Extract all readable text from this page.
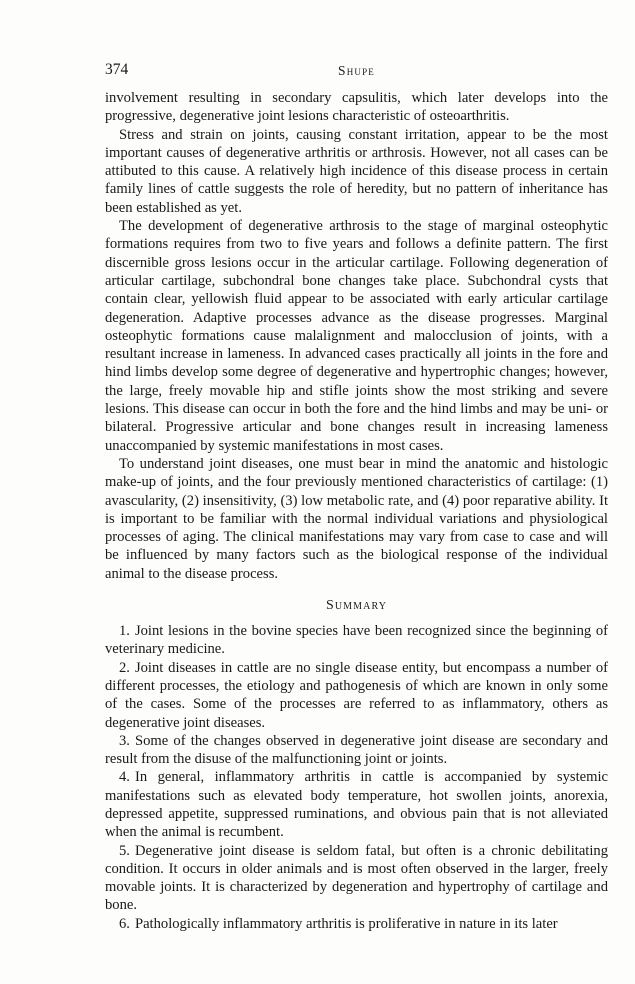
374	Shupe

involvement resulting in secondary capsulitis, which later develops into the progressive, degenerative joint lesions characteristic of osteoarthritis.

Stress and strain on joints, causing constant irritation, appear to be the most important causes of degenerative arthritis or arthrosis. However, not all cases can be attibuted to this cause. A relatively high incidence of this disease process in certain family lines of cattle suggests the role of heredity, but no pattern of inheritance has been established as yet.

The development of degenerative arthrosis to the stage of marginal osteophytic formations requires from two to five years and follows a definite pattern. The first discernible gross lesions occur in the articular cartilage. Following degeneration of articular cartilage, subchondral bone changes take place. Subchondral cysts that contain clear, yellowish fluid appear to be associated with early articular cartilage degeneration. Adaptive processes advance as the disease progresses. Marginal osteophytic formations cause malalignment and malocclusion of joints, with a resultant increase in lameness. In advanced cases practically all joints in the fore and hind limbs develop some degree of degenerative and hypertrophic changes; however, the large, freely movable hip and stifle joints show the most striking and severe lesions. This disease can occur in both the fore and the hind limbs and may be uni- or bilateral. Progressive articular and bone changes result in increasing lameness unaccompanied by systemic manifestations in most cases.

To understand joint diseases, one must bear in mind the anatomic and histologic make-up of joints, and the four previously mentioned characteristics of cartilage: (1) avascularity, (2) insensitivity, (3) low metabolic rate, and (4) poor reparative ability. It is important to be familiar with the normal individual variations and physiological processes of aging. The clinical manifestations may vary from case to case and will be influenced by many factors such as the biological response of the individual animal to the disease process.

Summary

1. Joint lesions in the bovine species have been recognized since the beginning of veterinary medicine.

2. Joint diseases in cattle are no single disease entity, but encompass a number of different processes, the etiology and pathogenesis of which are known in only some of the cases. Some of the processes are referred to as inflammatory, others as degenerative joint diseases.

3. Some of the changes observed in degenerative joint disease are secondary and result from the disuse of the malfunctioning joint or joints.

4. In general, inflammatory arthritis in cattle is accompanied by systemic manifestations such as elevated body temperature, hot swollen joints, anorexia, depressed appetite, suppressed ruminations, and obvious pain that is not alleviated when the animal is recumbent.

5. Degenerative joint disease is seldom fatal, but often is a chronic debilitating condition. It occurs in older animals and is most often observed in the larger, freely movable joints. It is characterized by degeneration and hypertrophy of cartilage and bone.

6. Pathologically inflammatory arthritis is proliferative in nature in its later
